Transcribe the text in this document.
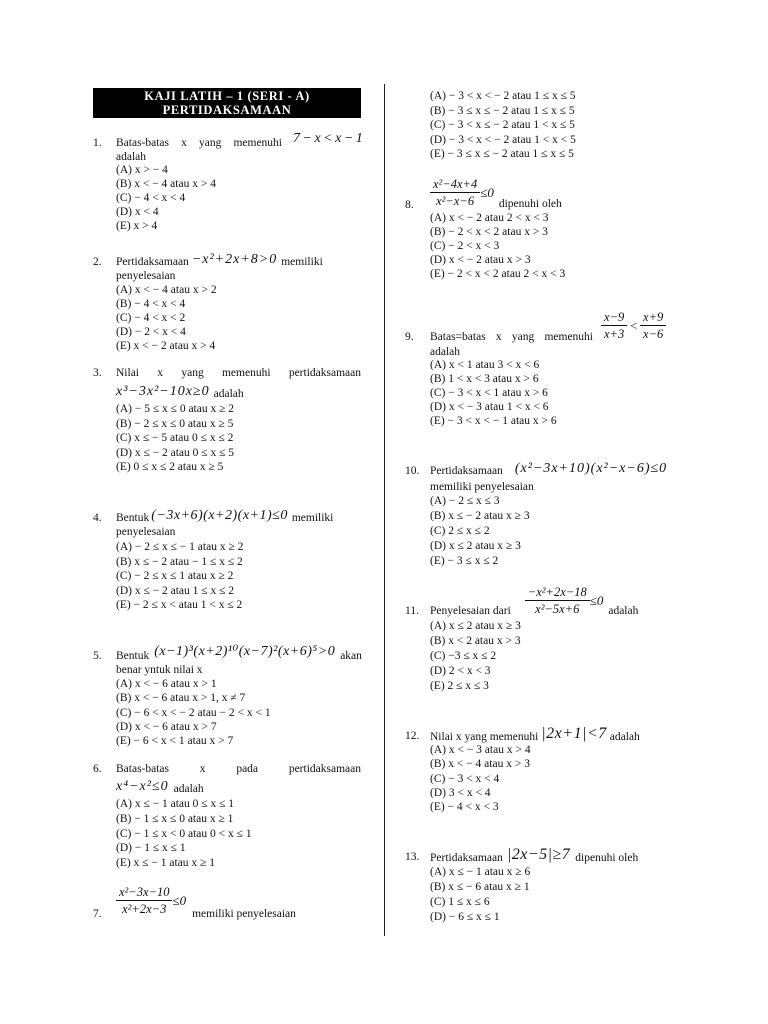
KAJI LATIH – 1 (SERI - A)
PERTIDAKSAMAAN
1. Batas-batas x yang memenuhi 7−x<x−1
adalah
(A) x > − 4
(B) x < − 4 atau x > 4
(C) − 4 < x < 4
(D) x < 4
(E) x > 4
2. Pertidaksamaan −x²+2x+8>0 memiliki
penyelesaian
(A) x < − 4 atau x > 2
(B) − 4 < x < 4
(C) − 4 < x < 2
(D) − 2 < x < 4
(E) x < − 2 atau x > 4
3. Nilai x yang memenuhi pertidaksamaan
x³−3x²−10x≥0 adalah
(A) − 5 ≤ x ≤ 0 atau x ≥ 2
(B) − 2 ≤ x ≤ 0 atau x ≥ 5
(C) x ≤ − 5 atau 0 ≤ x ≤ 2
(D) x ≤ − 2 atau 0 ≤ x ≤ 5
(E) 0 ≤ x ≤ 2 atau x ≥ 5
4. Bentuk (−3x+6)(x+2)(x+1)≤0 memiliki
penyelesaian
(A) − 2 ≤ x ≤ − 1 atau x ≥ 2
(B) x ≤ − 2 atau − 1 ≤ x ≤ 2
(C) − 2 ≤ x ≤ 1 atau x ≥ 2
(D) x ≤ − 2 atau 1 ≤ x ≤ 2
(E) − 2 ≤ x < atau 1 < x ≤ 2
5. Bentuk (x−1)³(x+2)¹⁰(x−7)²(x+6)⁵>0 akan
benar yntuk nilai x
(A) x < − 6 atau x > 1
(B) x < − 6 atau x > 1, x ≠ 7
(C) − 6 < x < − 2 atau − 2 < x < 1
(D) x < − 6 atau x > 7
(E) − 6 < x < 1 atau x > 7
6. Batas-batas x pada pertidaksamaan
x⁴−x²≤0 adalah
(A) x ≤ − 1 atau 0 ≤ x ≤ 1
(B) − 1 ≤ x ≤ 0 atau x ≥ 1
(C) − 1 ≤ x < 0 atau 0 < x ≤ 1
(D) − 1 ≤ x ≤ 1
(E) x ≤ − 1 atau x ≥ 1
7. $\frac{\text{x²−3x−10}}{\text{x²+2x−3}} \le 0$
memiliki penyelesaian
(A) − 3 < x < − 2 atau 1 ≤ x ≤ 5
(B) − 3 ≤ x ≤ − 2 atau 1 ≤ x ≤ 5
(C) − 3 < x ≤ − 2 atau 1 < x ≤ 5
(D) − 3 < x < − 2 atau 1 < x < 5
(E) − 3 ≤ x ≤ − 2 atau 1 ≤ x ≤ 5
8. $\frac{\text{x²−4x+4}}{\text{x²−x−6}} \le 0$
dipenuhi oleh
(A) x < − 2 atau 2 < x < 3
(B) − 2 < x < 2 atau x > 3
(C) − 2 < x < 3
(D) x < − 2 atau x > 3
(E) − 2 < x < 2 atau 2 < x < 3
9. Batas=batas x yang memenuhi $\frac{x-9}{x+3} < \frac{x+9}{x-6}$
adalah
(A) x < 1 atau 3 < x < 6
(B) 1 < x < 3 atau x > 6
(C) − 3 < x < 1 atau x > 6
(D) x < − 3 atau 1 < x < 6
(E) − 3 < x < − 1 atau x > 6
10. Pertidaksamaan (x²−3x+10)(x²−x−6)≤0
memiliki penyelesaian
(A) − 2 ≤ x ≤ 3
(B) x ≤ − 2 atau x ≥ 3
(C) 2 ≤ x ≤ 2
(D) x ≤ 2 atau x ≥ 3
(E) − 3 ≤ x ≤ 2
11. Penyelesaian dari $\frac{\text{−x²+2x−18}}{\text{x²−5x+6}} \le 0$
adalah
(A) x ≤ 2 atau x ≥ 3
(B) x < 2 atau x > 3
(C) −3 ≤ x ≤ 2
(D) 2 < x < 3
(E) 2 ≤ x ≤ 3
12. Nilai x yang memenuhi |2x+1|<7 adalah
(A) x < − 3 atau x > 4
(B) x < − 4 atau x > 3
(C) − 3 < x < 4
(D) 3 < x < 4
(E) − 4 < x < 3
13. Pertidaksamaan |2x−5|≥7 dipenuhi oleh
(A) x ≤ − 1 atau x ≥ 6
(B) x ≤ − 6 atau x ≥ 1
(C) 1 ≤ x ≤ 6
(D) − 6 ≤ x ≤ 1
